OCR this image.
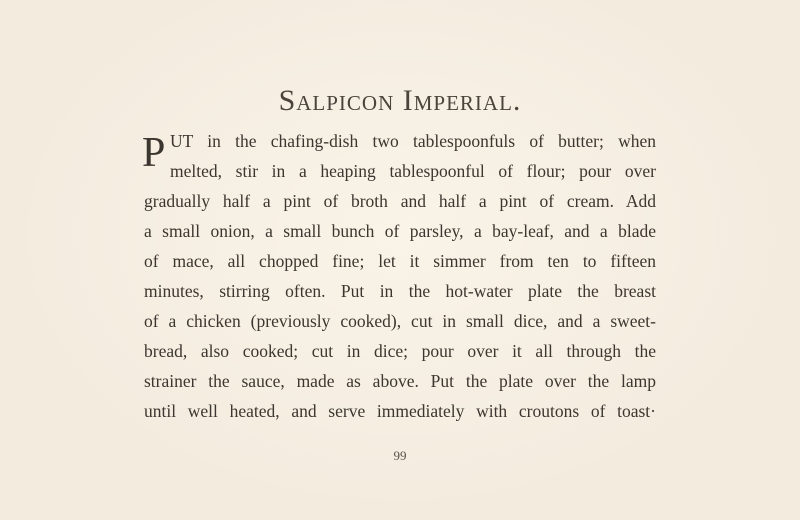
Salpicon Imperial.
P UT in the chafing-dish two tablespoonfuls of butter; when
melted, stir in a heaping tablespoonful of flour; pour over
gradually half a pint of broth and half a pint of cream. Add
a small onion, a small bunch of parsley, a bay-leaf, and a blade
of mace, all chopped fine; let it simmer from ten to fifteen
minutes, stirring often. Put in the hot-water plate the breast
of a chicken (previously cooked), cut in small dice, and a sweet-
bread, also cooked; cut in dice; pour over it all through the
strainer the sauce, made as above. Put the plate over the lamp
until well heated, and serve immediately with croutons of toast·
99
